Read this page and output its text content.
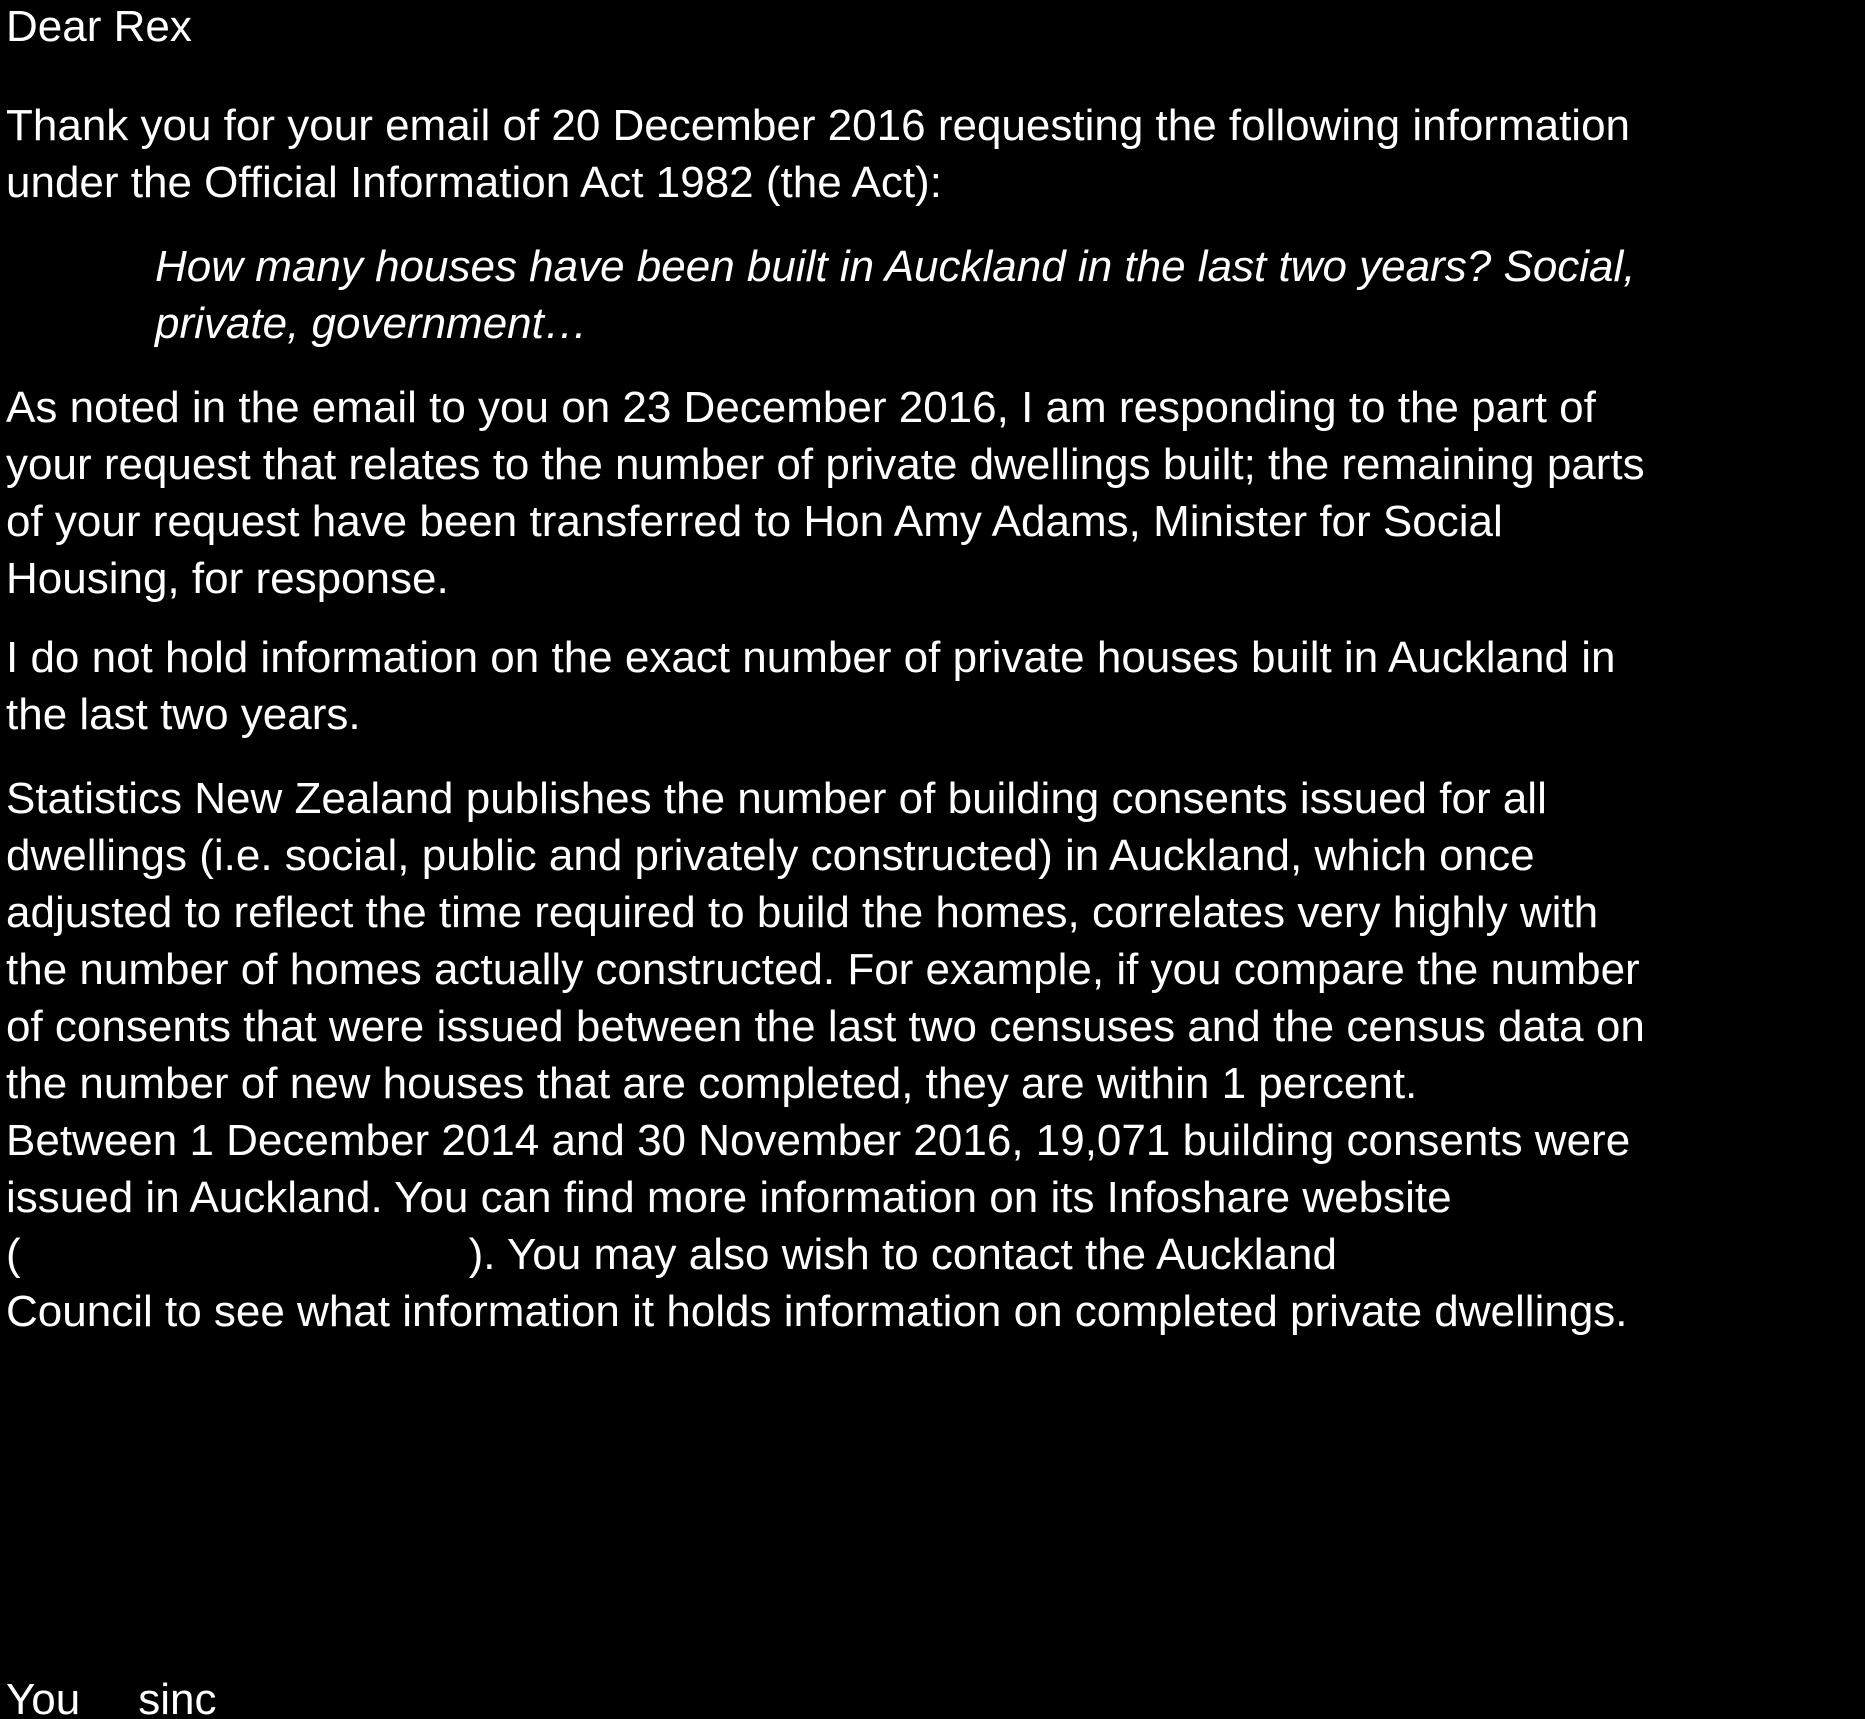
Dear Rex

Thank you for your email of 20 December 2016 requesting the following information
under the Official Information Act 1982 (the Act):

How many houses have been built in Auckland in the last two years? Social,
private, government…

As noted in the email to you on 23 December 2016, I am responding to the part of
your request that relates to the number of private dwellings built; the remaining parts
of your request have been transferred to Hon Amy Adams, Minister for Social
Housing, for response.

I do not hold information on the exact number of private houses built in Auckland in
the last two years.

Statistics New Zealand publishes the number of building consents issued for all
dwellings (i.e. social, public and privately constructed) in Auckland, which once
adjusted to reflect the time required to build the homes, correlates very highly with
the number of homes actually constructed. For example, if you compare the number
of consents that were issued between the last two censuses and the census data on
the number of new houses that are completed, they are within 1 percent.

Between 1 December 2014 and 30 November 2016, 19,071 building consents were
issued in Auckland. You can find more information on its Infoshare website
(	). You may also wish to contact the Auckland
Council to see what information it holds information on completed private dwellings.

You sinc
